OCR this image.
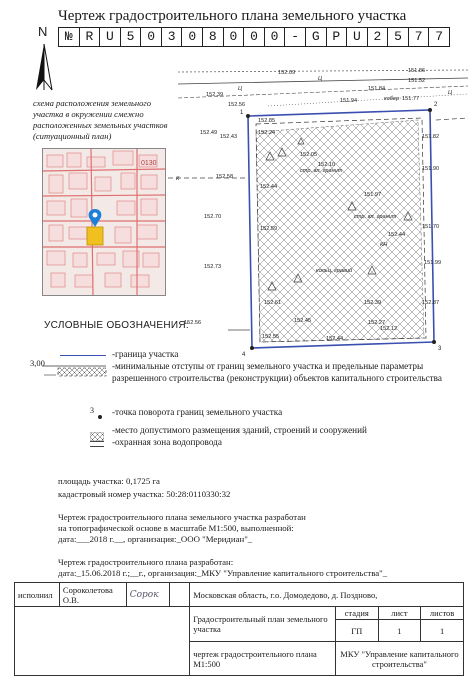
Чертеж градостроительного плана земельного участка
№ R U 5 0 3 0 8 0 0 0 - G P U 2 5 7 7
N
схема расположения земельного участка в окружении смежно расположенных земельных участков (ситуационный план)
0130
152.09	151.86
151.52
152.39
152.56
151.84
151.94	151.77
152.49
152.43
152.24
152.85
151.90
152.58
152.70
152.44
152.59
151.97
151.99
152.73
152.61
152.44
152.39
152.27
152.12
152.56	152.45
152.44
152.55
151.82
152.05
151.70
152.10
152.87
кобер
стр. вл. гранит
стр. вл. гранит
кольц. гравий
КН
Ц
Ц
К
Ц
1
2
3
4
УСЛОВНЫЕ ОБОЗНАЧЕНИЯ:
3,00
$^3$
-граница участка
-минимальные отступы от границ земельного участка и предельные параметры разрешенного строительства (реконструкции) объектов капитального строительства
-точка поворота границ земельного участка
-место допустимого размещения зданий, строений и сооружений
-охранная зона водопровода
площадь участка: 0,1725 га
кадастровый номер участка: 50:28:0110330:32
Чертеж градостроительного плана земельного участка разработан
на топографической основе в масштабе М1:500, выполненной:
дата:___2018 г.__, организация:_ООО "Меридиан"_
Чертеж градостроительного плана разработан:
дата:_15.06.2018 г.;__г., организация:_МКУ "Управление капитального строительства"_
исполнил	Сороколетова О.В.	Сорок		Московская область, г.о. Домодедово, д. Поздново,			
				Градостроительный план земельного участка	стадия	лист	листов
					ГП	1	1
				чертеж градостроительного плана М1:500	МКУ "Управление капитального строительства"		
